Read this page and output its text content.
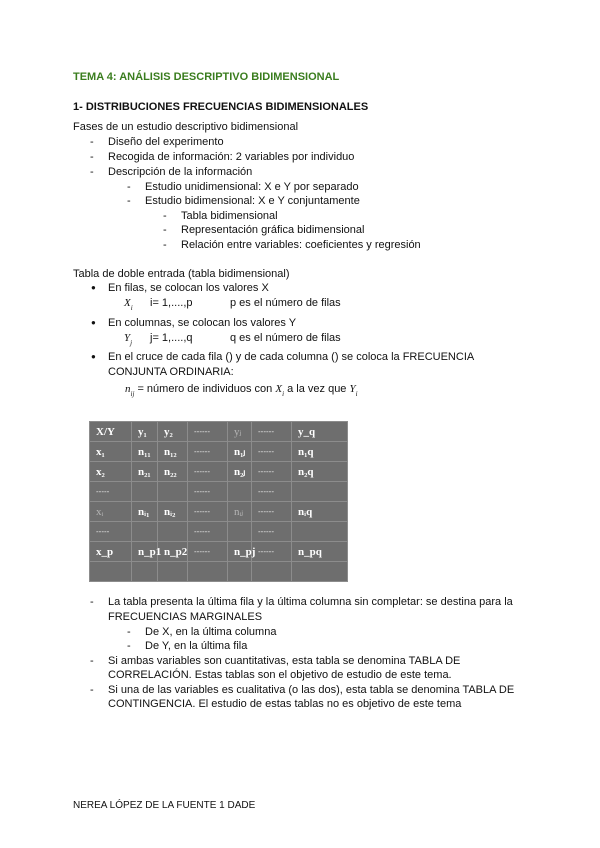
TEMA 4: ANÁLISIS DESCRIPTIVO BIDIMENSIONAL
1- DISTRIBUCIONES FRECUENCIAS BIDIMENSIONALES
Fases de un estudio descriptivo bidimensional
- Diseño del experimento
- Recogida de información: 2 variables por individuo
- Descripción de la información
- Estudio unidimensional: X e Y por separado
- Estudio bidimensional: X e Y conjuntamente
- Tabla bidimensional
- Representación gráfica bidimensional
- Relación entre variables: coeficientes y regresión
Tabla de doble entrada (tabla bidimensional)
● En filas, se colocan los valores X
$X_i$ i= 1,....,p	p es el número de filas
● En columnas, se colocan los valores Y
$Y_j$ j= 1,....,q	q es el número de filas
● En el cruce de cada fila () y de cada columna () se coloca la FRECUENCIA
CONJUNTA ORDINARIA:
$n_{ij}$ = número de individuos con $X_i$ a la vez que $Y_i$
X/Y	y₁	y₂	------	yⱼ	------	y_q
x₁	n₁₁	n₁₂	------	n₁ⱼ	------	n₁q
x₂	n₂₁	n₂₂	------	n₂ⱼ	------	n₂q
-----			------		------	
xᵢ	nᵢ₁	nᵢ₂	------	nᵢⱼ	------	nᵢq
-----			------		------	
x_p	n_p1	n_p2	------	n_pj	------	n_pq

- La tabla presenta la última fila y la última columna sin completar: se destina para la
FRECUENCIAS MARGINALES
- De X, en la última columna
- De Y, en la última fila
- Si ambas variables son cuantitativas, esta tabla se denomina TABLA DE
CORRELACIÓN. Estas tablas son el objetivo de estudio de este tema.
- Si una de las variables es cualitativa (o las dos), esta tabla se denomina TABLA DE
CONTINGENCIA. El estudio de estas tablas no es objetivo de este tema
NEREA LÓPEZ DE LA FUENTE 1 DADE
